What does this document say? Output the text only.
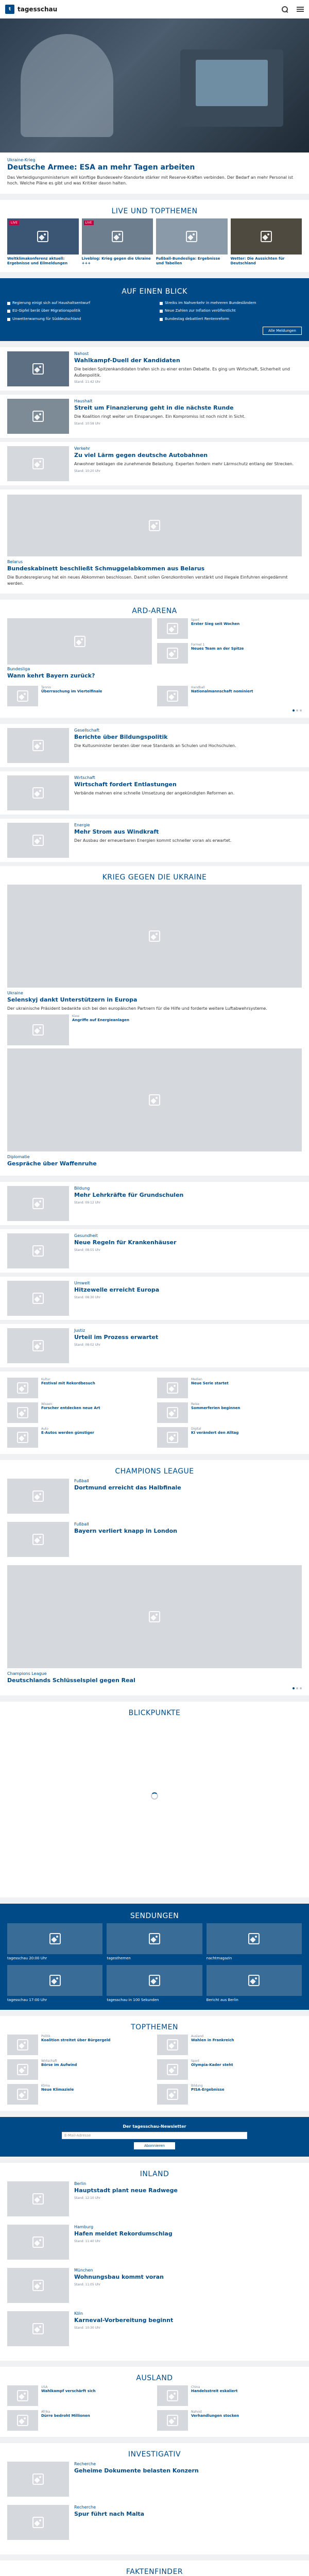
t	tagesschau
Ukraine-Krieg
Deutsche Armee: ESA an mehr Tagen arbeiten
Das Verteidigungsministerium will künftige Bundeswehr-Standorte stärker mit Reserve-Kräften verbinden. Der Bedarf an mehr Personal ist hoch. Welche Pläne es gibt und was Kritiker davon halten.
LIVE UND TOPTHEMEN
LIVE
Weltklimakonferenz aktuell: Ergebnisse und Eilmeldungen
LIVE
Liveblog: Krieg gegen die Ukraine +++
Fußball-Bundesliga: Ergebnisse und Tabellen
Wetter: Die Aussichten für Deutschland
AUF EINEN BLICK
Regierung einigt sich auf Haushaltsentwurf	Streiks im Nahverkehr in mehreren Bundesländern
EU-Gipfel berät über Migrationspolitik	Neue Zahlen zur Inflation veröffentlicht
Unwetterwarnung für Süddeutschland	Bundestag debattiert Rentenreform
Alle Meldungen
Nahost
Wahlkampf-Duell der Kandidaten
Die beiden Spitzenkandidaten trafen sich zu einer ersten Debatte. Es ging um Wirtschaft, Sicherheit und Außenpolitik.
Stand: 11:42 Uhr
Haushalt
Streit um Finanzierung geht in die nächste Runde
Die Koalition ringt weiter um Einsparungen. Ein Kompromiss ist noch nicht in Sicht.
Stand: 10:58 Uhr
Verkehr
Zu viel Lärm gegen deutsche Autobahnen
Anwohner beklagen die zunehmende Belastung. Experten fordern mehr Lärmschutz entlang der Strecken.
Stand: 10:20 Uhr
Belarus
Bundeskabinett beschließt Schmuggelabkommen aus Belarus
Die Bundesregierung hat ein neues Abkommen beschlossen. Damit sollen Grenzkontrollen verstärkt und illegale Einfuhren eingedämmt werden.
ARD-ARENA
Bundesliga
Wann kehrt Bayern zurück?
Sport
Erster Sieg seit Wochen
Formel 1
Neues Team an der Spitze
Tennis
Überraschung im Viertelfinale
Handball
Nationalmannschaft nominiert
Gesellschaft
Berichte über Bildungspolitik
Die Kultusminister beraten über neue Standards an Schulen und Hochschulen.
Wirtschaft
Wirtschaft fordert Entlastungen
Verbände mahnen eine schnelle Umsetzung der angekündigten Reformen an.
Energie
Mehr Strom aus Windkraft
Der Ausbau der erneuerbaren Energien kommt schneller voran als erwartet.
KRIEG GEGEN DIE UKRAINE
Ukraine
Selenskyj dankt Unterstützern in Europa
Der ukrainische Präsident bedankte sich bei den europäischen Partnern für die Hilfe und forderte weitere Luftabwehrsysteme.
Kiew
Angriffe auf Energieanlagen
Diplomatie
Gespräche über Waffenruhe
Bildung
Mehr Lehrkräfte für Grundschulen
Stand: 09:12 Uhr
Gesundheit
Neue Regeln für Krankenhäuser
Stand: 08:55 Uhr
Umwelt
Hitzewelle erreicht Europa
Stand: 08:30 Uhr
Justiz
Urteil im Prozess erwartet
Stand: 08:02 Uhr
Kultur
Festival mit Rekordbesuch
Medien
Neue Serie startet
Wissen
Forscher entdecken neue Art
Reise
Sommerferien beginnen
Auto
E-Autos werden günstiger
Digital
KI verändert den Alltag
CHAMPIONS LEAGUE
Fußball
Dortmund erreicht das Halbfinale
Fußball
Bayern verliert knapp in London
Champions League
Deutschlands Schlüsselspiel gegen Real
BLICKPUNKTE
SENDUNGEN
tagesschau 20:00 Uhr	tagesthemen	nachtmagazin
tagesschau 17:00 Uhr	tagesschau in 100 Sekunden	Bericht aus Berlin
TOPTHEMEN
Politik
Koalition streitet über Bürgergeld
Ausland
Wahlen in Frankreich
Wirtschaft
Börse im Aufwind
Sport
Olympia-Kader steht
Klima
Neue Klimaziele
Bildung
PISA-Ergebnisse
Der tagesschau-Newsletter
E-Mail-Adresse
Abonnieren
INLAND
Berlin
Hauptstadt plant neue Radwege
Stand: 12:10 Uhr
Hamburg
Hafen meldet Rekordumschlag
Stand: 11:40 Uhr
München
Wohnungsbau kommt voran
Stand: 11:05 Uhr
Köln
Karneval-Vorbereitung beginnt
Stand: 10:30 Uhr
AUSLAND
USA
Wahlkampf verschärft sich
China
Handelsstreit eskaliert
Afrika
Dürre bedroht Millionen
Nahost
Verhandlungen stocken
INVESTIGATIV
Recherche
Geheime Dokumente belasten Konzern
Recherche
Spur führt nach Malta
FAKTENFINDER
